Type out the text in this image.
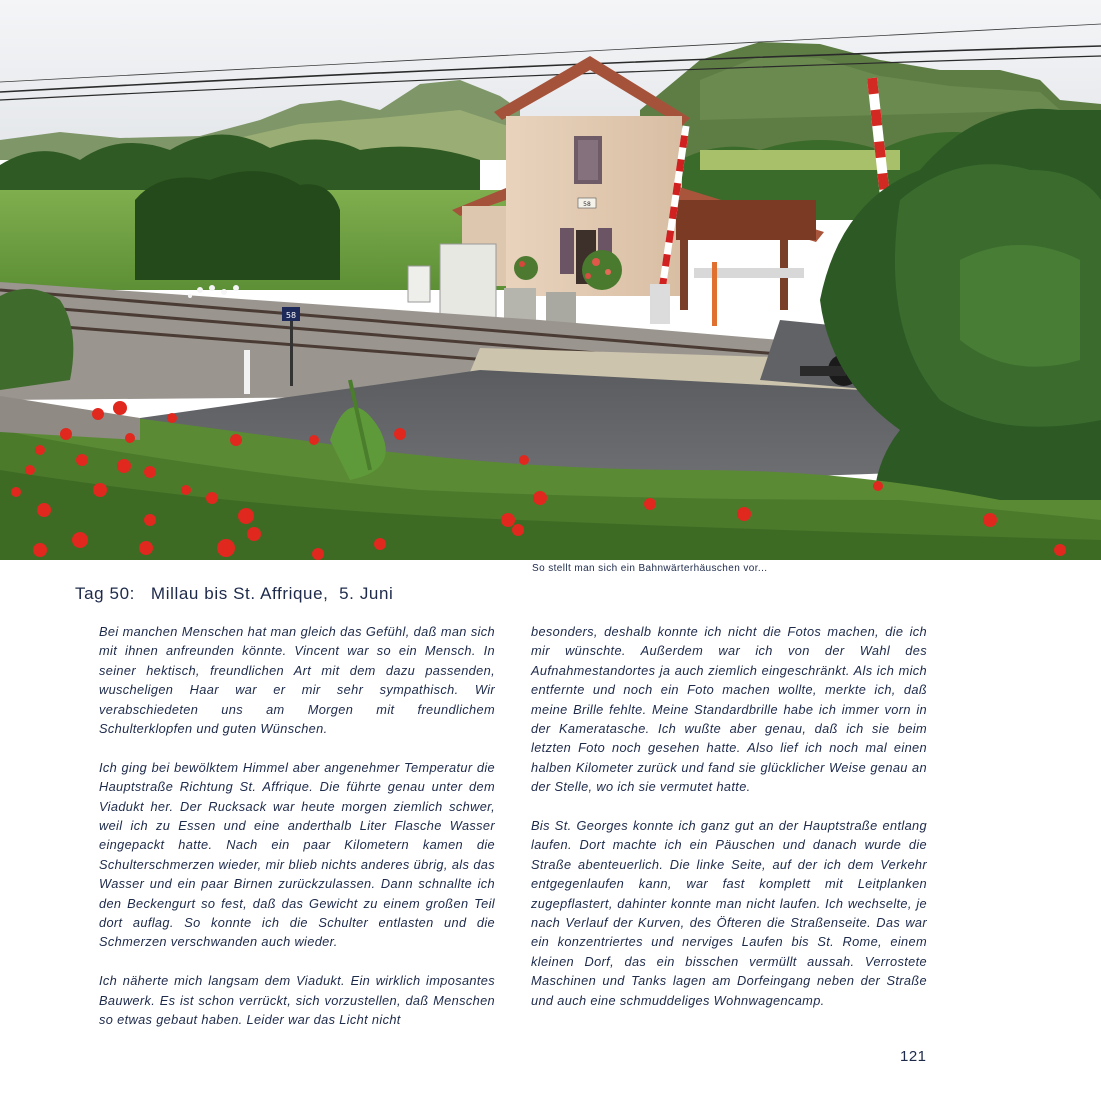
58
58
So stellt man sich ein Bahnwärterhäuschen vor...
Tag 50:   Millau bis St. Affrique,  5. Juni

Bei manchen Menschen hat man gleich das Gefühl, daß man sich mit ihnen anfreunden könnte. Vincent war so ein Mensch. In seiner hektisch, freundlichen Art mit dem dazu passenden, wuscheligen Haar war er mir sehr sympathisch. Wir verabschiedeten uns am Morgen mit freundlichem Schulterklopfen und guten Wünschen.

Ich ging bei bewölktem Himmel aber angenehmer Temperatur die Hauptstraße Richtung St. Affrique. Die führte genau unter dem Viadukt her. Der Rucksack war heute morgen ziemlich schwer, weil ich zu Essen und eine anderthalb Liter Flasche Wasser eingepackt hatte. Nach ein paar Kilometern kamen die Schulterschmerzen wieder, mir blieb nichts anderes übrig, als das Wasser und ein paar Birnen zurückzulassen. Dann schnallte ich den Beckengurt so fest, daß das Gewicht zu einem großen Teil dort auflag. So konnte ich die Schulter entlasten und die Schmerzen verschwanden auch wieder.

Ich näherte mich langsam dem Viadukt. Ein wirklich imposantes Bauwerk. Es ist schon verrückt, sich vorzustellen, daß Menschen so etwas gebaut haben. Leider war das Licht nicht

besonders, deshalb konnte ich nicht die Fotos machen, die ich mir wünschte. Außerdem war ich von der Wahl des Aufnahmestandortes ja auch ziemlich eingeschränkt. Als ich mich entfernte und noch ein Foto machen wollte, merkte ich, daß meine Brille fehlte. Meine Standardbrille habe ich immer vorn in der Kameratasche. Ich wußte aber genau, daß ich sie beim letzten Foto noch gesehen hatte. Also lief ich noch mal einen halben Kilometer zurück und fand sie glücklicher Weise genau an der Stelle, wo ich sie vermutet hatte.

Bis St. Georges konnte ich ganz gut an der Hauptstraße entlang laufen. Dort machte ich ein Päuschen und danach wurde die Straße abenteuerlich. Die linke Seite, auf der ich dem Verkehr entgegenlaufen kann, war fast komplett mit Leitplanken zugepflastert, dahinter konnte man nicht laufen. Ich wechselte, je nach Verlauf der Kurven, des Öfteren die Straßenseite. Das war ein konzentriertes und nerviges Laufen bis St. Rome, einem kleinen Dorf, das ein bisschen vermüllt aussah. Verrostete Maschinen und Tanks lagen am Dorfeingang neben der Straße und auch eine schmuddeliges Wohnwagencamp.

121
